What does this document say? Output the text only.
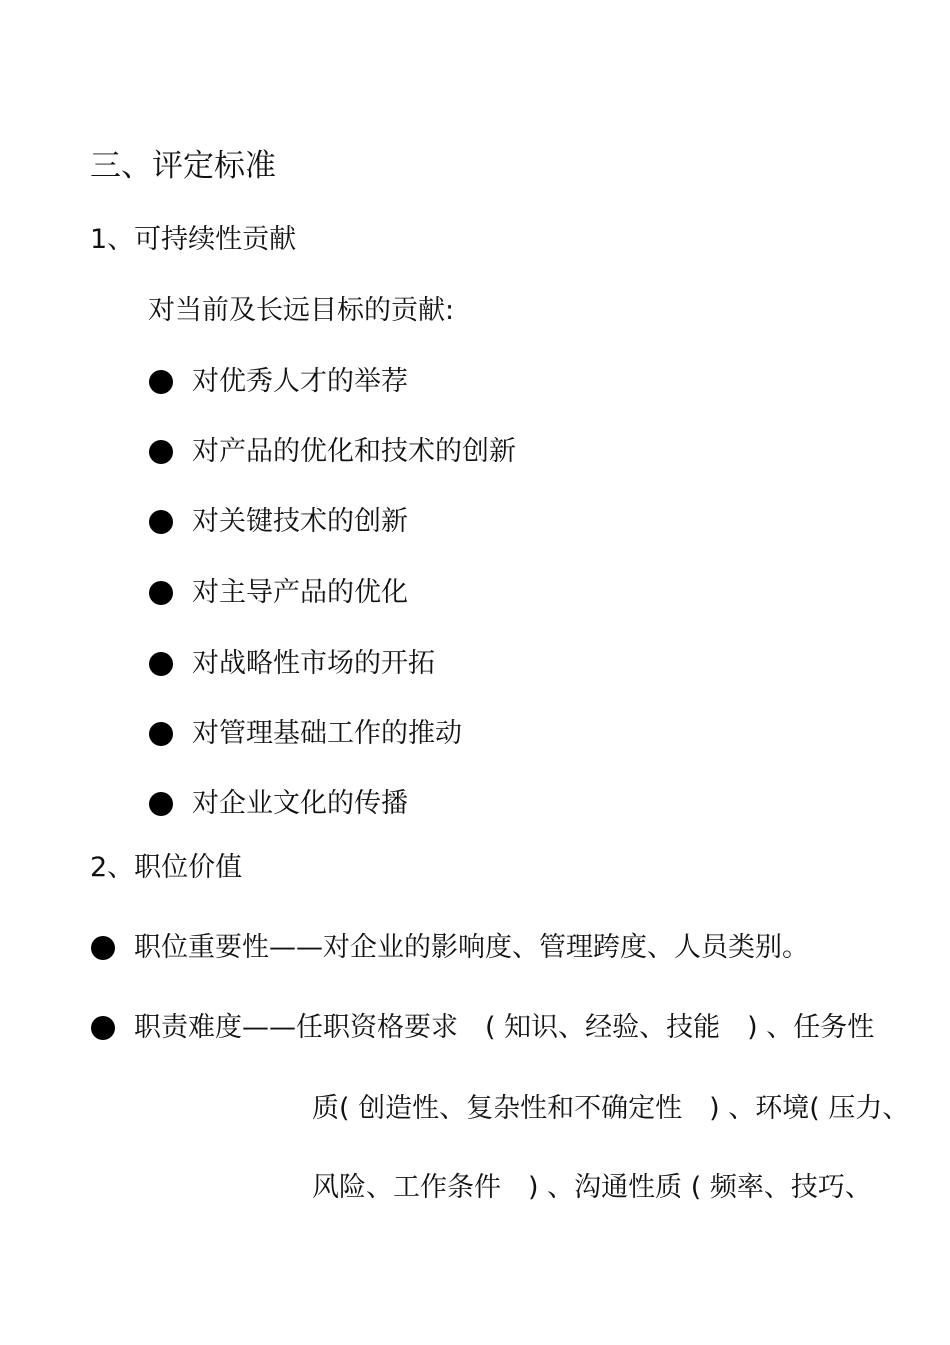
三、评定标准
1、可持续性贡献
对当前及长远目标的贡献:
对优秀人才的举荐
对产品的优化和技术的创新
对关键技术的创新
对主导产品的优化
对战略性市场的开拓
对管理基础工作的推动
对企业文化的传播
2、职位价值
职位重要性——对企业的影响度、管理跨度、人员类别。
职责难度——任职资格要求　( 知识、经验、技能　) 、任务性
质( 创造性、复杂性和不确定性　) 、环境( 压力、
风险、工作条件　) 、沟通性质 ( 频率、技巧、
